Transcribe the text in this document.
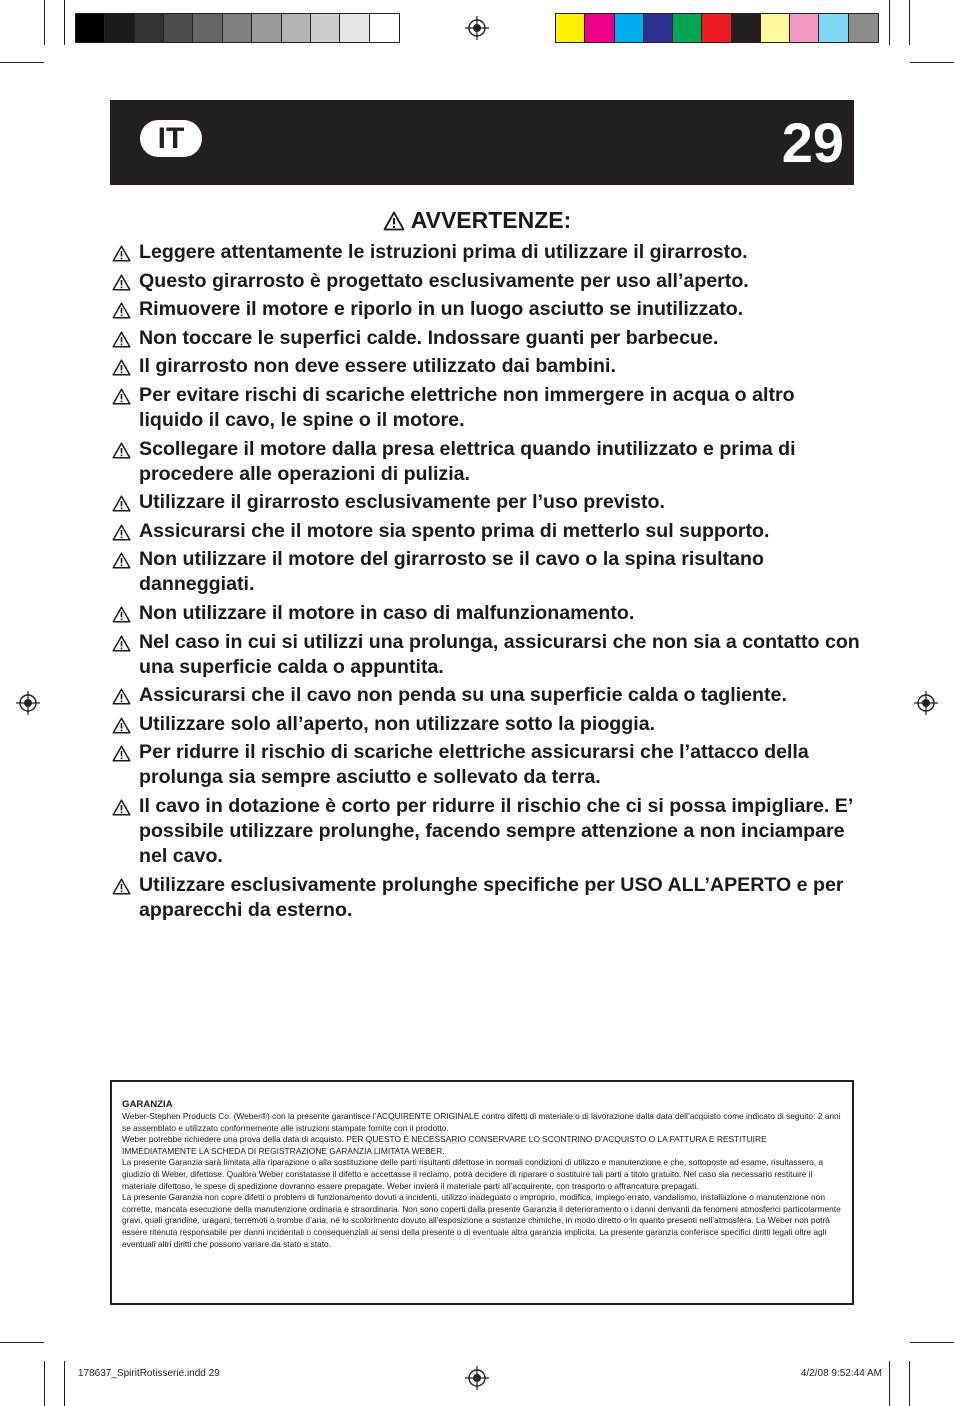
IT	29
AVVERTENZE:
Leggere attentamente le istruzioni prima di utilizzare il girarrosto.
Questo girarrosto è progettato esclusivamente per uso all’aperto.
Rimuovere il motore e riporlo in un luogo asciutto se inutilizzato.
Non toccare le superfici calde. Indossare guanti per barbecue.
Il girarrosto non deve essere utilizzato dai bambini.
Per evitare rischi di scariche elettriche non immergere in acqua o altro liquido il cavo, le spine o il motore.
Scollegare il motore dalla presa elettrica quando inutilizzato e prima di procedere alle operazioni di pulizia.
Utilizzare il girarrosto esclusivamente per l’uso previsto.
Assicurarsi che il motore sia spento prima di metterlo sul supporto.
Non utilizzare il motore del girarrosto se il cavo o la spina risultano danneggiati.
Non utilizzare il motore in caso di malfunzionamento.
Nel caso in cui si utilizzi una prolunga, assicurarsi che non sia a contatto con una superficie calda o appuntita.
Assicurarsi che il cavo non penda su una superficie calda o tagliente.
Utilizzare solo all’aperto, non utilizzare sotto la pioggia.
Per ridurre il rischio di scariche elettriche assicurarsi che l’attacco della prolunga sia sempre asciutto e sollevato da terra.
Il cavo in dotazione è corto per ridurre il rischio che ci si possa impigliare. E’ possibile utilizzare prolunghe, facendo sempre attenzione a non inciampare nel cavo.
Utilizzare esclusivamente prolunghe specifiche per USO ALL’APERTO e per apparecchi da esterno.
GARANZIA

Weber-Stephen Products Co. (Weber®) con la presente garantisce l’ACQUIRENTE ORIGINALE contro difetti di materiale o di lavorazione dalla data dell’acquisto come indicato di seguito: 2 anni se assemblato e utilizzato conformemente alle istruzioni stampate fornite con il prodotto.

Weber potrebbe richiedere una prova della data di acquisto. PER QUESTO È NECESSARIO CONSERVARE LO SCONTRINO D’ACQUISTO O LA FATTURA E RESTITUIRE IMMEDIATAMENTE LA SCHEDA DI REGISTRAZIONE GARANZIA LIMITATA WEBER.

La presente Garanzia sarà limitata alla riparazione o alla sostituzione delle parti risultanti difettose in normali condizioni di utilizzo e manutenzione e che, sottoposte ad esame, risultassero, a giudizio di Weber, difettose. Qualora Weber constatasse il difetto e accettasse il reclamo, potrà decidere di riparare o sostituire tali parti a titolo gratuito. Nel caso sia necessario restituire il materiale difettoso, le spese di spedizione dovranno essere prepagate. Weber invierà il materiale parti all’acquirente, con trasporto o affrancatura prepagati.

La presente Garanzia non copre difetti o problemi di funzionamento dovuti a incidenti, utilizzo inadeguato o improprio, modifica, impiego errato, vandalismo, installazione o manutenzione non corrette, mancata esecuzione della manutenzione ordinaria e straordinaria. Non sono coperti dalla presente Garanzia il deterioramento o i danni derivanti da fenomeni atmosferici particolarmente gravi, quali grandine, uragani, terremoti o trombe d’aria, né lo scolorimento dovuto all’esposizione a sostanze chimiche, in modo diretto o in quanto presenti nell’atmosfera. La Weber non potrà essere ritenuta responsabile per danni incidentali o consequenziali ai sensi della presente o di eventuale altra garanzia implicita. La presente garanzia conferisce specifici diritti legali oltre agli eventuali altri diritti che possono variare da stato a stato.

178637_SpiritRotisserie.indd 29	4/2/08 9:52:44 AM
